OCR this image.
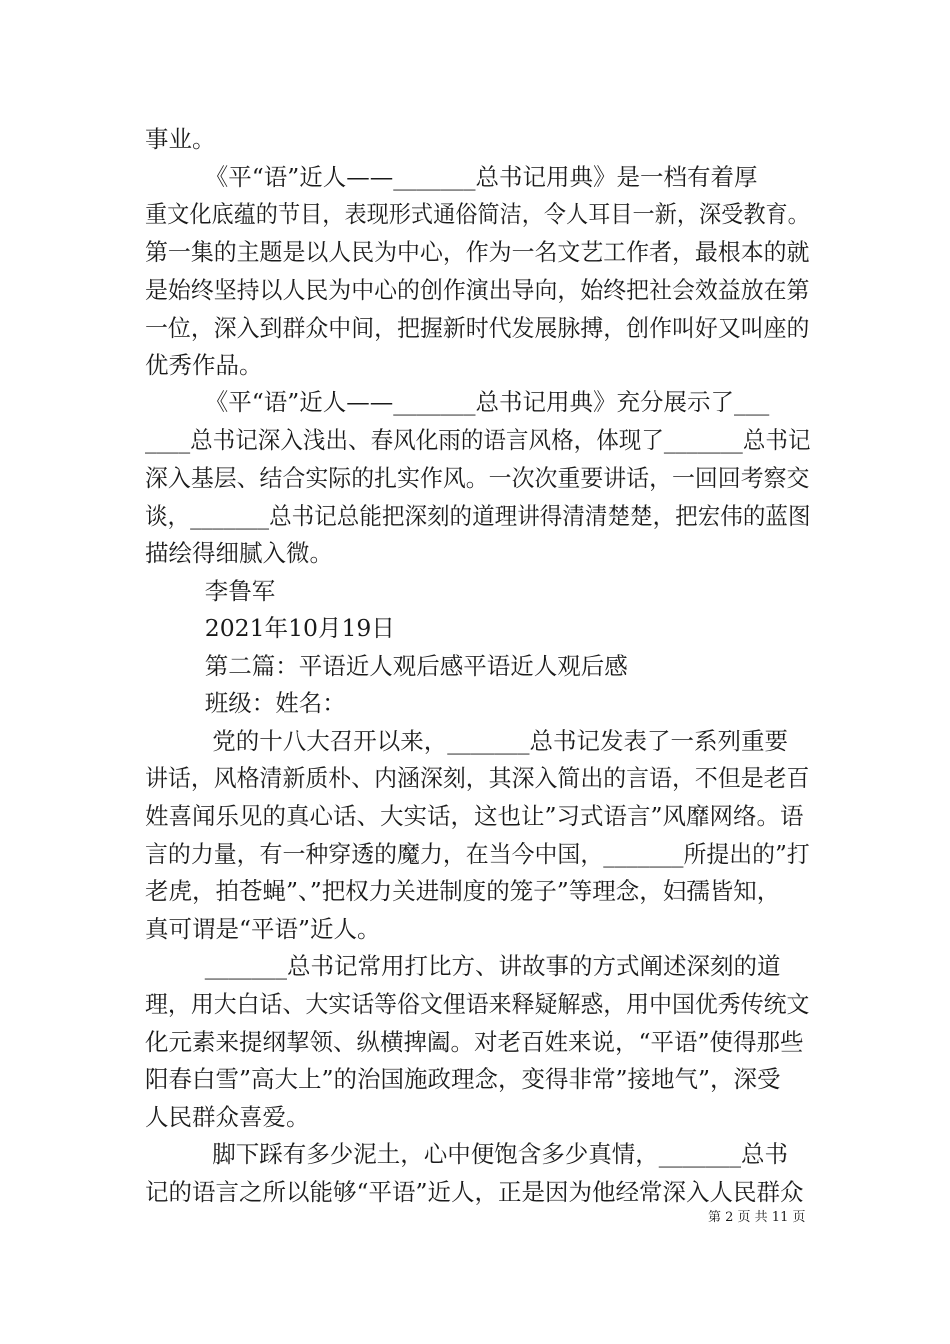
事业。
《平“语”近人——_______总书记用典》是一档有着厚
重文化底蕴的节目，表现形式通俗简洁，令人耳目一新，深受教育。
第一集的主题是以人民为中心，作为一名文艺工作者，最根本的就
是始终坚持以人民为中心的创作演出导向，始终把社会效益放在第
一位，深入到群众中间，把握新时代发展脉搏，创作叫好又叫座的
优秀作品。
《平“语”近人——_______总书记用典》充分展示了___
____总书记深入浅出、春风化雨的语言风格，体现了_______总书记
深入基层、结合实际的扎实作风。一次次重要讲话，一回回考察交
谈，_______总书记总能把深刻的道理讲得清清楚楚，把宏伟的蓝图
描绘得细腻入微。
李鲁军
2021年10月19日
第二篇：平语近人观后感平语近人观后感
班级：姓名：
党的十八大召开以来，_______总书记发表了一系列重要
讲话，风格清新质朴、内涵深刻，其深入简出的言语，不但是老百
姓喜闻乐见的真心话、大实话，这也让”习式语言”风靡网络。语
言的力量，有一种穿透的魔力，在当今中国，_______所提出的”打
老虎，拍苍蝇”、”把权力关进制度的笼子”等理念，妇孺皆知，
真可谓是“平语”近人。
_______总书记常用打比方、讲故事的方式阐述深刻的道
理，用大白话、大实话等俗文俚语来释疑解惑，用中国优秀传统文
化元素来提纲挈领、纵横捭阖。对老百姓来说，“平语”使得那些
阳春白雪”高大上”的治国施政理念，变得非常”接地气”，深受
人民群众喜爱。
脚下踩有多少泥土，心中便饱含多少真情，_______总书
记的语言之所以能够“平语”近人，正是因为他经常深入人民群众
第 2 页 共 11 页
